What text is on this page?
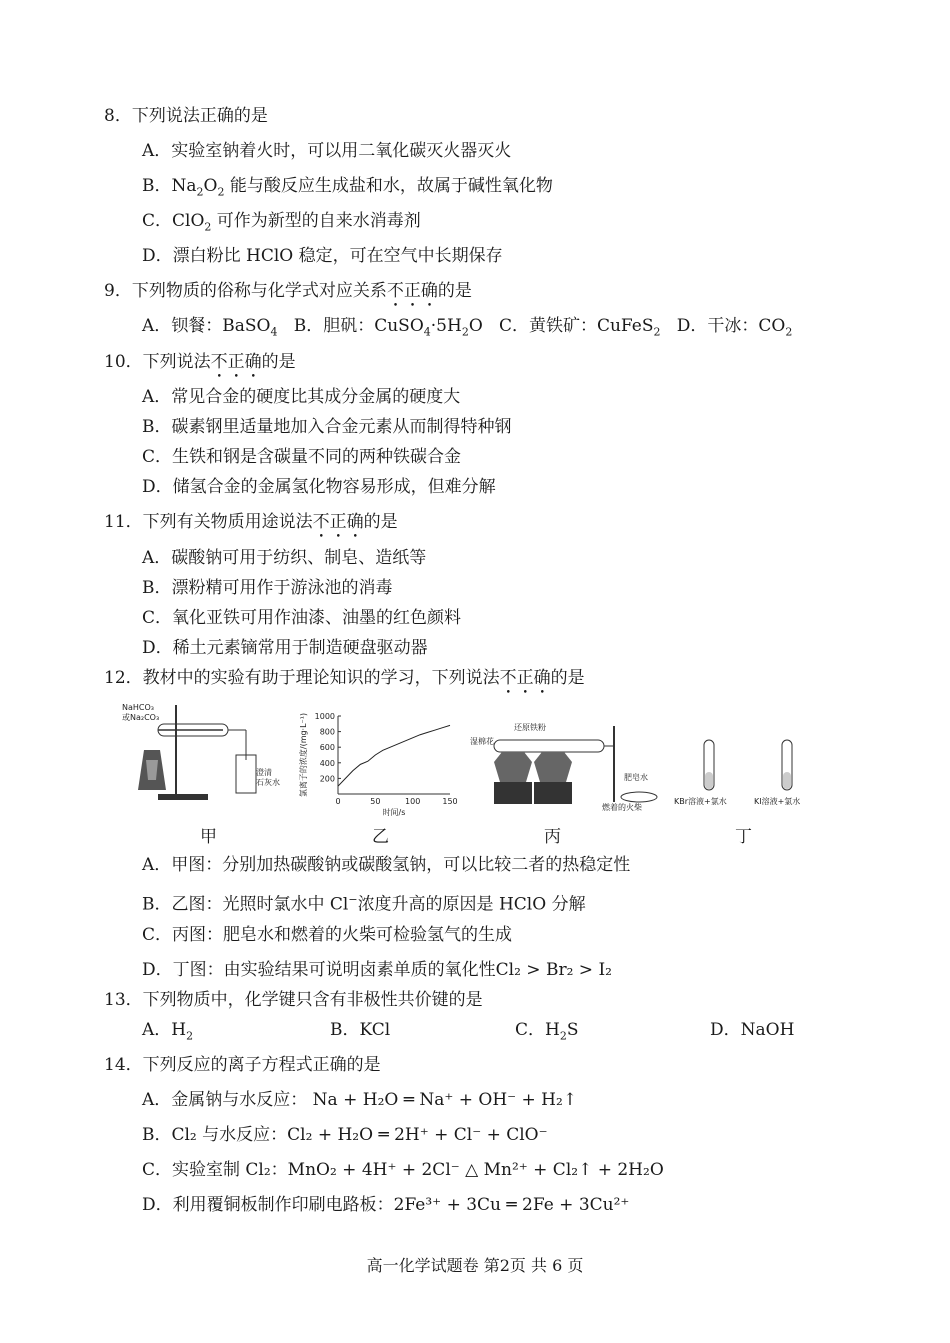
8．下列说法正确的是
A．实验室钠着火时，可以用二氧化碳灭火器灭火
B．$Na_2O_2$ 能与酸反应生成盐和水，故属于碱性氧化物
C．ClO$_2$ 可作为新型的自来水消毒剂
D．漂白粉比 HClO 稳定，可在空气中长期保存
9．下列物质的俗称与化学式对应关系不正确的是
A．钡餐：BaSO$_4$ B．胆矾：$CuSO_4\cdot 5H_2O$ C．黄铁矿：CuFeS$_2$ D．干冰：$CO_2$
10．下列说法不正确的是
A．常见合金的硬度比其成分金属的硬度大
B．碳素钢里适量地加入合金元素从而制得特种钢
C．生铁和钢是含碳量不同的两种铁碳合金
D．储氢合金的金属氢化物容易形成，但难分解
11．下列有关物质用途说法不正确的是
A．碳酸钠可用于纺织、制皂、造纸等
B．漂粉精可用作于游泳池的消毒
C．氧化亚铁可用作油漆、油墨的红色颜料
D．稀土元素镝常用于制造硬盘驱动器
12．教材中的实验有助于理论知识的学习，下列说法不正确的是
NaHCO₃
或Na₂CO₃
澄清
石灰水	200
400
600
800
1000
0	50	100	150
时间/s
氯离子的浓度/(mg·L⁻¹)	湿棉花
还原铁粉
肥皂水
燃着的火柴
KBr溶液+氯水	KI溶液+氯水
甲	乙	丙	丁
A．甲图：分别加热碳酸钠或碳酸氢钠，可以比较二者的热稳定性
B．乙图：光照时氯水中 Cl−浓度升高的原因是 HClO 分解
C．丙图：肥皂水和燃着的火柴可检验氢气的生成
D．丁图：由实验结果可说明卤素单质的氧化性Cl₂ > Br₂ > I₂
13．下列物质中，化学键只含有非极性共价键的是
A．$H_2$	B．KCl	C．$H_2S$	D．NaOH
14．下列反应的离子方程式正确的是
A．金属钠与水反应： Na + H₂O ═ Na⁺ + OH⁻ + H₂↑
B．Cl₂ 与水反应：Cl₂ + H₂O ═ 2H⁺ + Cl⁻ + ClO⁻
C．实验室制 Cl₂：MnO₂ + 4H⁺ + 2Cl⁻ △ Mn²⁺ + Cl₂↑ + 2H₂O
D．利用覆铜板制作印刷电路板：2Fe³⁺ + 3Cu ═ 2Fe + 3Cu²⁺
高一化学试题卷 第2页 共 6 页
